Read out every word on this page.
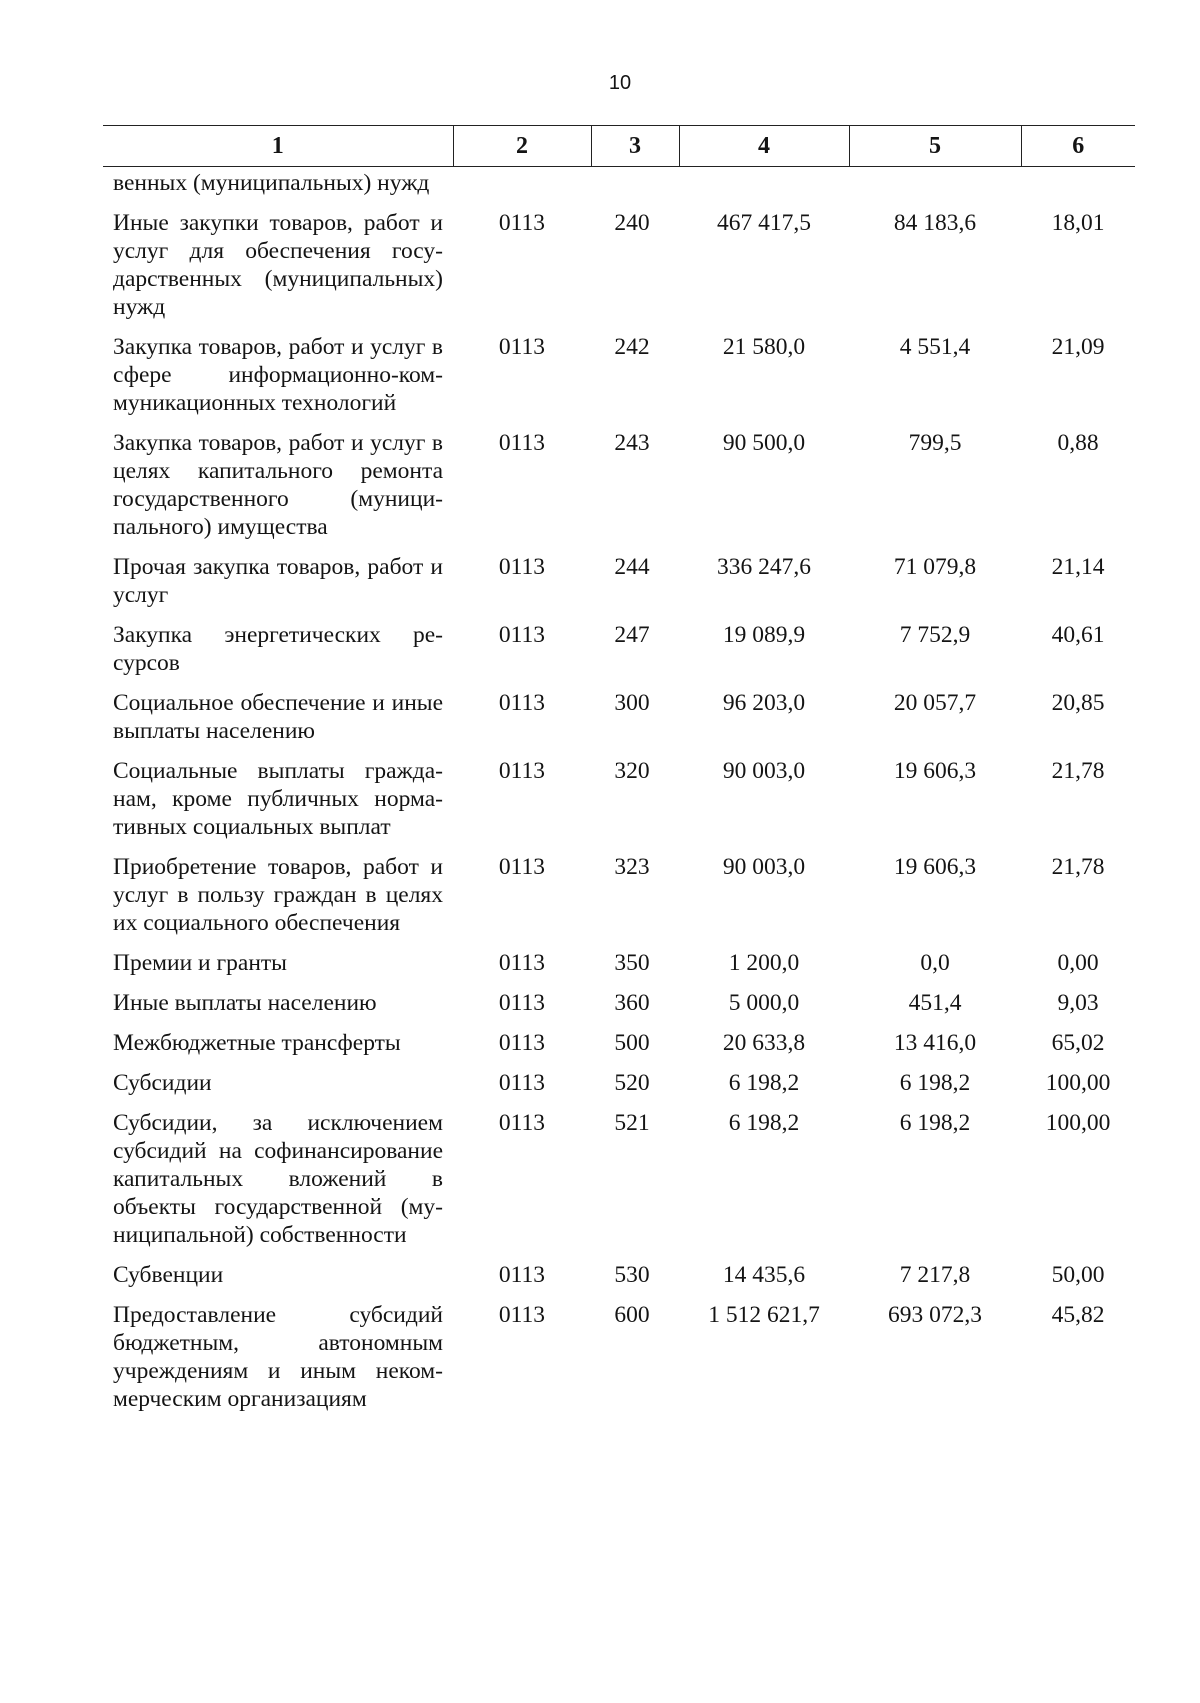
10
1	2	3	4	5	6
венных (муниципальных) нужд					
Иные закупки товаров, работ и услуг для обеспечения государственных (муниципальных) нужд	0113	240	467 417,5	84 183,6	18,01
Закупка товаров, работ и услуг в сфере информационно-коммуникационных технологий	0113	242	21 580,0	4 551,4	21,09
Закупка товаров, работ и услуг в целях капитального ремонта государственного (муниципального) имущества	0113	243	90 500,0	799,5	0,88
Прочая закупка товаров, работ и услуг	0113	244	336 247,6	71 079,8	21,14
Закупка энергетических ресурсов	0113	247	19 089,9	7 752,9	40,61
Социальное обеспечение и иные выплаты населению	0113	300	96 203,0	20 057,7	20,85
Социальные выплаты гражданам, кроме публичных нормативных социальных выплат	0113	320	90 003,0	19 606,3	21,78
Приобретение товаров, работ и услуг в пользу граждан в целях их социального обеспечения	0113	323	90 003,0	19 606,3	21,78
Премии и гранты	0113	350	1 200,0	0,0	0,00
Иные выплаты населению	0113	360	5 000,0	451,4	9,03
Межбюджетные трансферты	0113	500	20 633,8	13 416,0	65,02
Субсидии	0113	520	6 198,2	6 198,2	100,00
Субсидии, за исключением субсидий на софинансирование капитальных вложений в объекты государственной (муниципальной) собственности	0113	521	6 198,2	6 198,2	100,00
Субвенции	0113	530	14 435,6	7 217,8	50,00
Предоставление субсидий бюджетным, автономным учреждениям и иным некоммерческим организациям	0113	600	1 512 621,7	693 072,3	45,82
